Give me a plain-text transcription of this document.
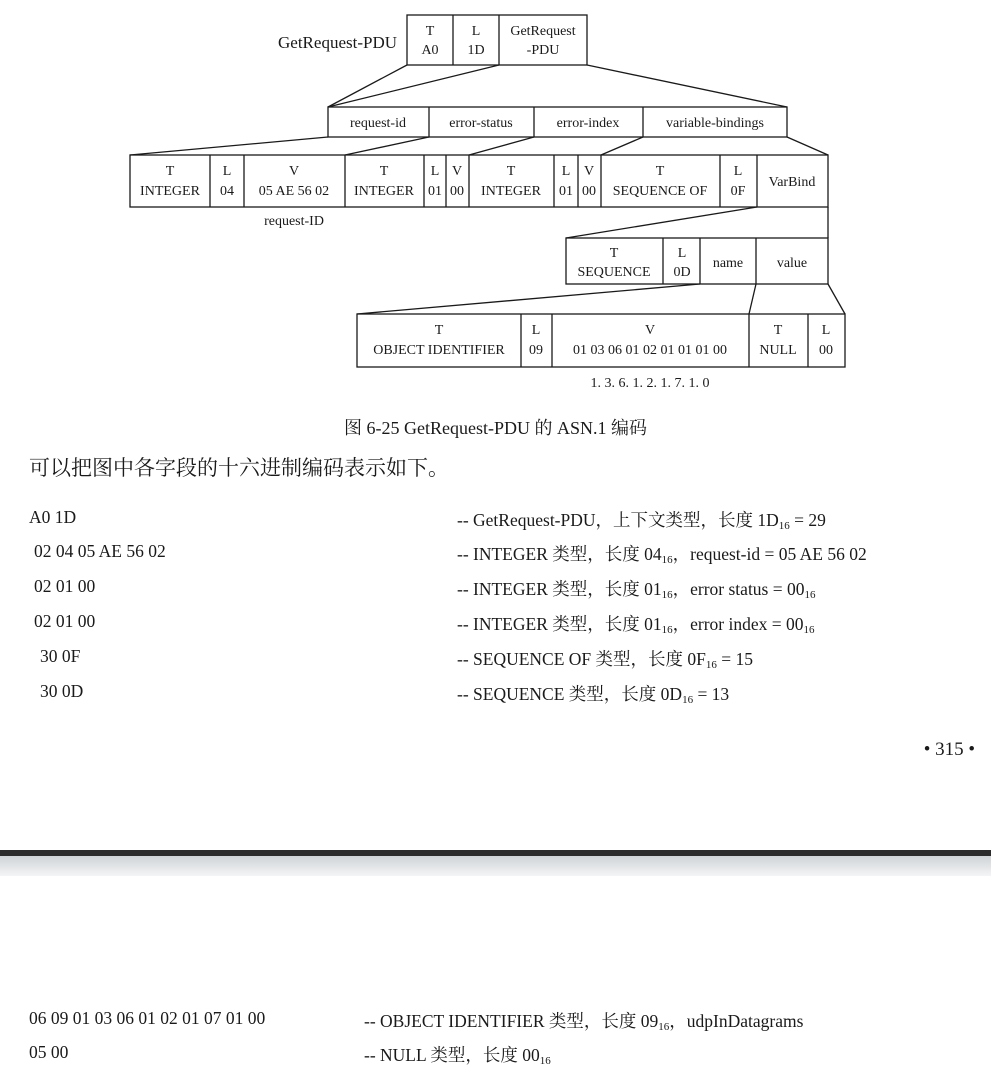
GetRequest-PDU
T
A0
L
1D
GetRequest
-PDU
request-id	error-status	error-index	variable-bindings
T
INTEGER
L
04
V
05 AE 56 02
T
INTEGER
L
01
V
00
T
INTEGER
L
01
V
00
T
SEQUENCE OF
L
0F
VarBind
request-ID
T
SEQUENCE
L
0D
name value
T
OBJECT IDENTIFIER
L
09
V
01 03 06 01 02 01 01 01 00
T
NULL
L
00
1. 3. 6. 1. 2. 1. 7. 1. 0
图 6-25 GetRequest-PDU 的 ASN.1 编码
可以把图中各字段的十六进制编码表示如下。
A0 1D	-- GetRequest-PDU，上下文类型，长度 $1D_{16} = 29$
02 04 05 AE 56 02	-- INTEGER 类型，长度 $04_{16}$，request-id = 05 AE 56 02
02 01 00	-- INTEGER 类型，长度 $01_{16}$，error status = $00_{16}$
02 01 00	-- INTEGER 类型，长度 $01_{16}$，error index = $00_{16}$
30 0F	-- SEQUENCE OF 类型，长度 $0F_{16} = 15$
30 0D	-- SEQUENCE 类型，长度 $0D_{16} = 13$
• 315 •
06 09 01 03 06 01 02 01 07 01 00	-- OBJECT IDENTIFIER 类型，长度 $09_{16}$，udpInDatagrams
05 00	-- NULL 类型，长度 $00_{16}$
